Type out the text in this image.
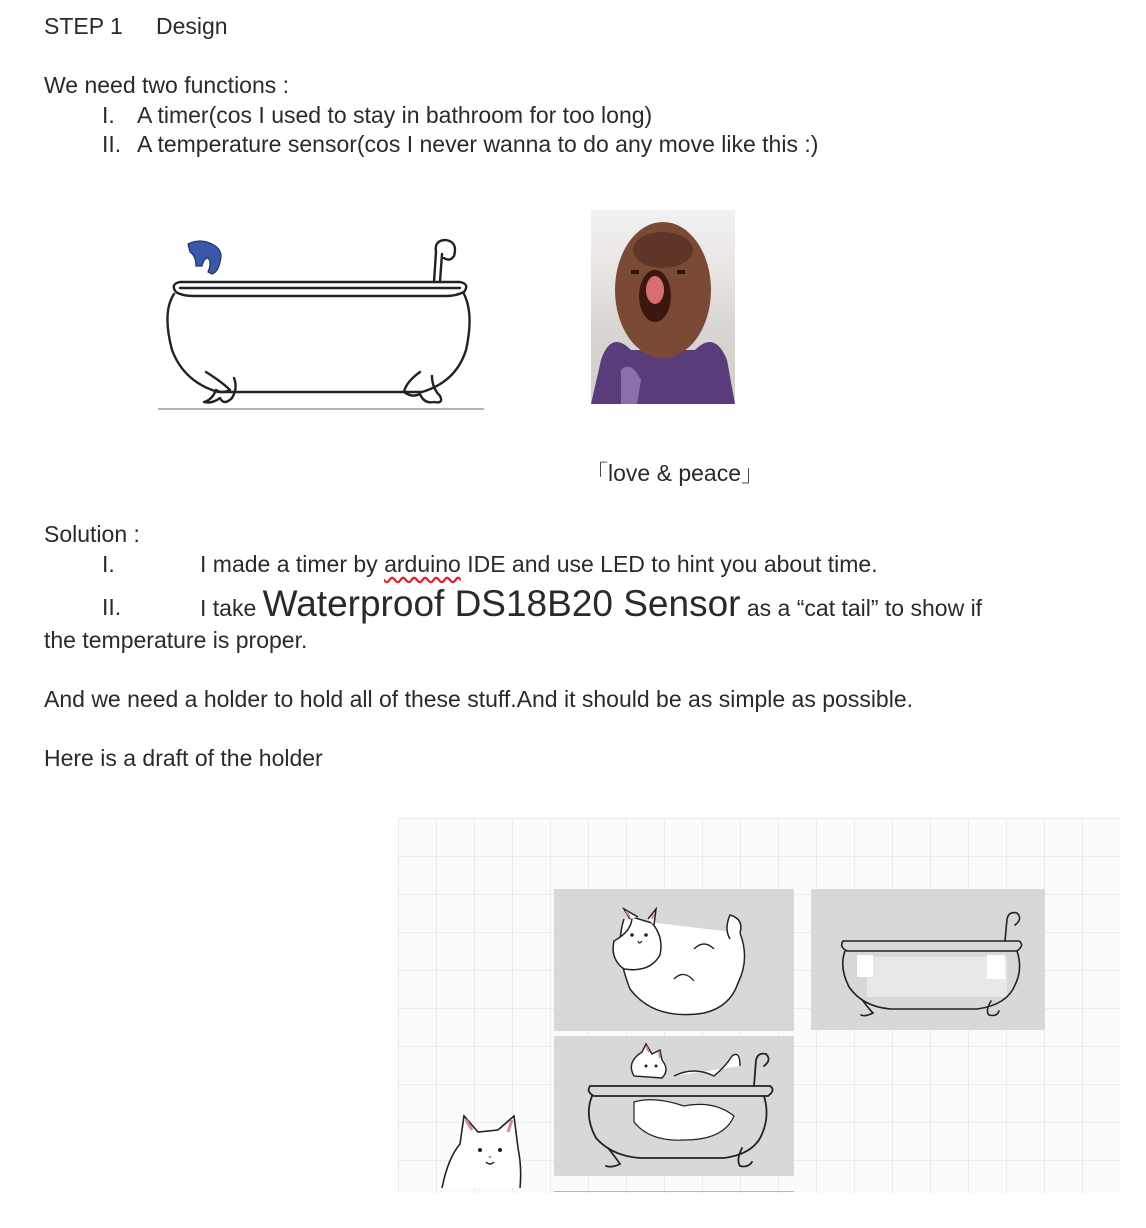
STEP 1 Design
We need two functions :
I. A timer(cos I used to stay in bathroom for too long)
II. A temperature sensor(cos I never wanna to do any move like this :)
「love & peace」
Solution :
I.	I made a timer by arduino IDE and use LED to hint you about time.
II.	I take Waterproof DS18B20 Sensor as a “cat tail” to show if
the temperature is proper.
And we need a holder to hold all of these stuff.And it should be as simple as possible.
Here is a draft of the holder
